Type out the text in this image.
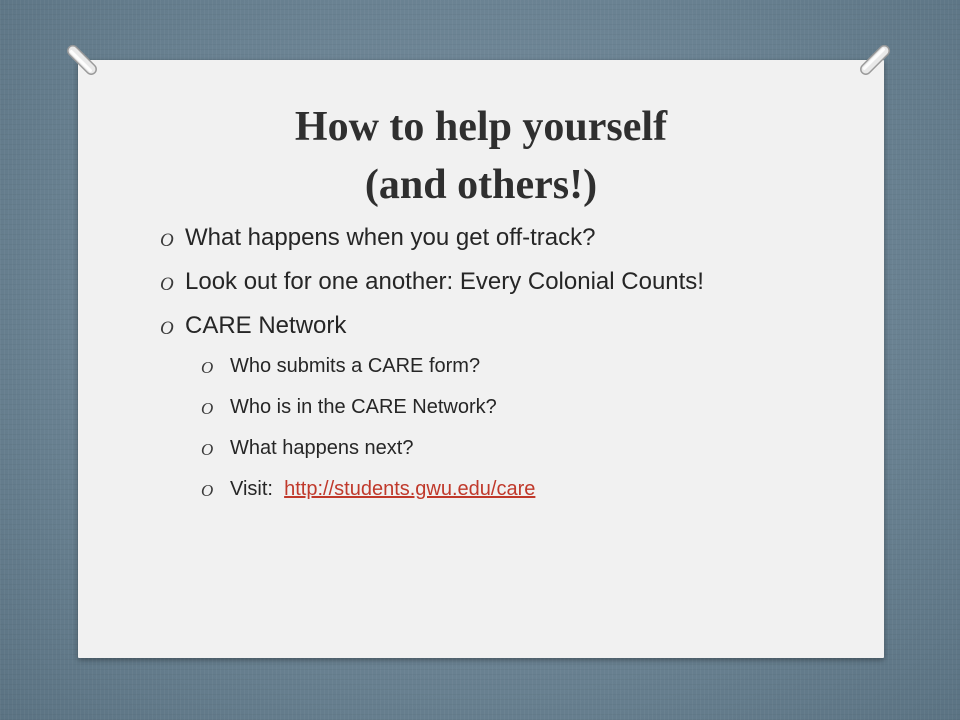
How to help yourself
(and others!)
O What happens when you get off-track?
O Look out for one another: Every Colonial Counts!
O CARE Network
O Who submits a CARE form?
O Who is in the CARE Network?
O What happens next?
O Visit: http://students.gwu.edu/care
